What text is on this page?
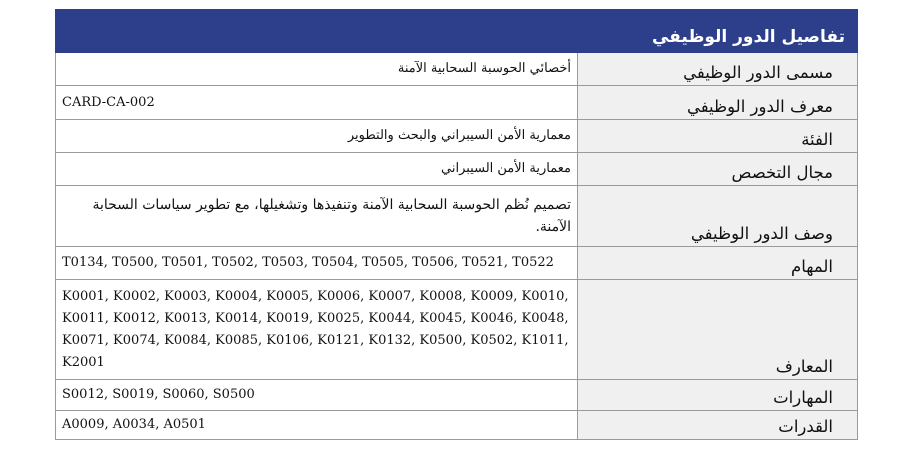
تفاصيل الدور الوظيفي	
أخصائي الحوسبة السحابية الآمنة	مسمى الدور الوظيفي
CARD-CA-002	معرف الدور الوظيفي
معمارية الأمن السيبراني والبحث والتطوير	الفئة
معمارية الأمن السيبراني	مجال التخصص
تصميم نُظم الحوسبة السحابية الآمنة وتنفيذها وتشغيلها، مع تطوير سياسات السحابة الآمنة.	وصف الدور الوظيفي
T0134, T0500, T0501, T0502, T0503, T0504, T0505, T0506, T0521, T0522	المهام
K0001, K0002, K0003, K0004, K0005, K0006, K0007, K0008, K0009, K0010, K0011, K0012, K0013, K0014, K0019, K0025, K0044, K0045, K0046, K0048, K0071, K0074, K0084, K0085, K0106, K0121, K0132, K0500, K0502, K1011, K2001	المعارف
S0012, S0019, S0060, S0500	المهارات
A0009, A0034, A0501	القدرات
